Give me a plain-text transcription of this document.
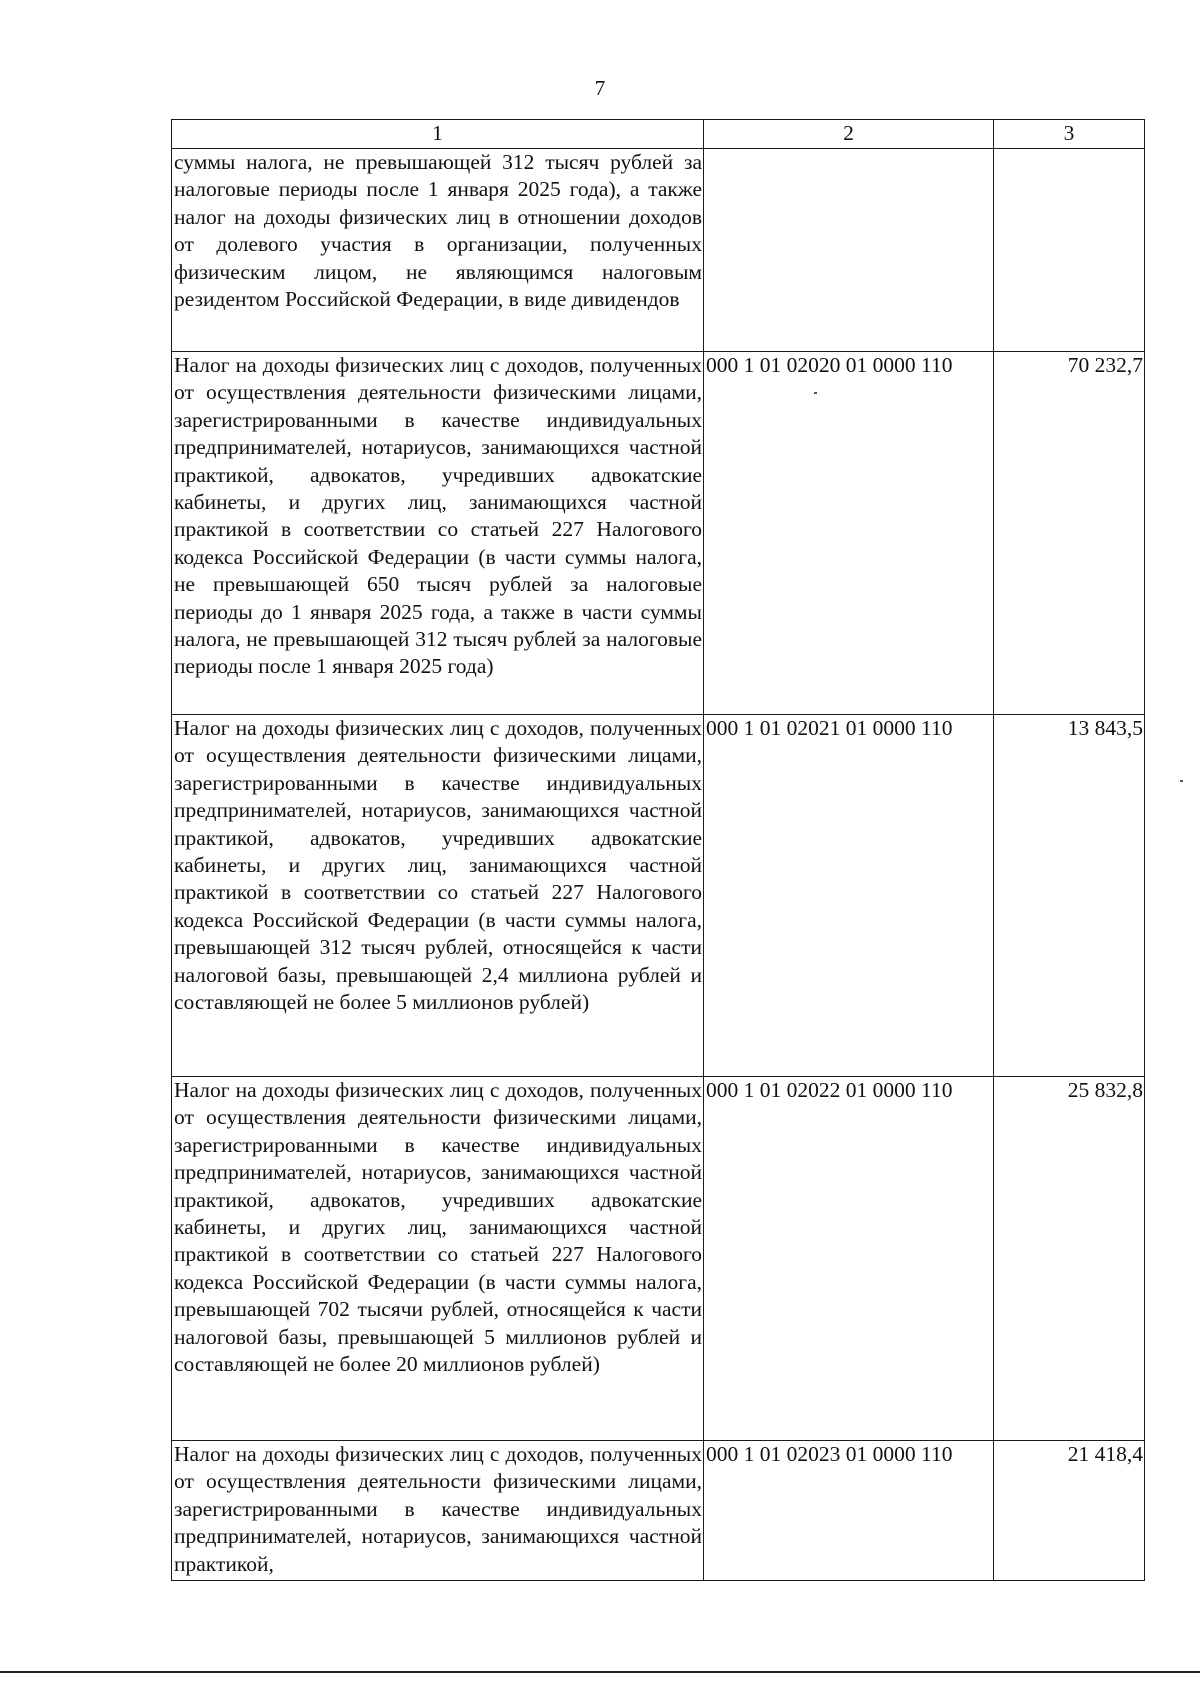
7
1	2	3
суммы налога, не превышающей 312 тысяч рублей за налоговые периоды после 1 января 2025 года), а также налог на доходы физических лиц в отношении доходов от долевого участия в организации, полученных физическим лицом, не являющимся налоговым резидентом Российской Федерации, в виде дивидендов		
Налог на доходы физических лиц с доходов, полученных от осуществления деятельности физическими лицами, зарегистрированными в качестве индивидуальных предпринимателей, нотариусов, занимающихся частной практикой, адвокатов, учредивших адвокатские кабинеты, и других лиц, занимающихся частной практикой в соответствии со статьей 227 Налогового кодекса Российской Федерации (в части суммы налога, не превышающей 650 тысяч рублей за налоговые периоды до 1 января 2025 года, а также в части суммы налога, не превышающей 312 тысяч рублей за налоговые периоды после 1 января 2025 года)	000 1 01 02020 01 0000 110	70 232,7
Налог на доходы физических лиц с доходов, полученных от осуществления деятельности физическими лицами, зарегистрированными в качестве индивидуальных предпринимателей, нотариусов, занимающихся частной практикой, адвокатов, учредивших адвокатские кабинеты, и других лиц, занимающихся частной практикой в соответствии со статьей 227 Налогового кодекса Российской Федерации (в части суммы налога, превышающей 312 тысяч рублей, относящейся к части налоговой базы, превышающей 2,4 миллиона рублей и составляющей не более 5 миллионов рублей)	000 1 01 02021 01 0000 110	13 843,5
Налог на доходы физических лиц с доходов, полученных от осуществления деятельности физическими лицами, зарегистрированными в качестве индивидуальных предпринимателей, нотариусов, занимающихся частной практикой, адвокатов, учредивших адвокатские кабинеты, и других лиц, занимающихся частной практикой в соответствии со статьей 227 Налогового кодекса Российской Федерации (в части суммы налога, превышающей 702 тысячи рублей, относящейся к части налоговой базы, превышающей 5 миллионов рублей и составляющей не более 20 миллионов рублей)	000 1 01 02022 01 0000 110	25 832,8
Налог на доходы физических лиц с доходов, полученных от осуществления деятельности физическими лицами, зарегистрированными в качестве индивидуальных предпринимателей, нотариусов, занимающихся частной практикой,	000 1 01 02023 01 0000 110	21 418,4
